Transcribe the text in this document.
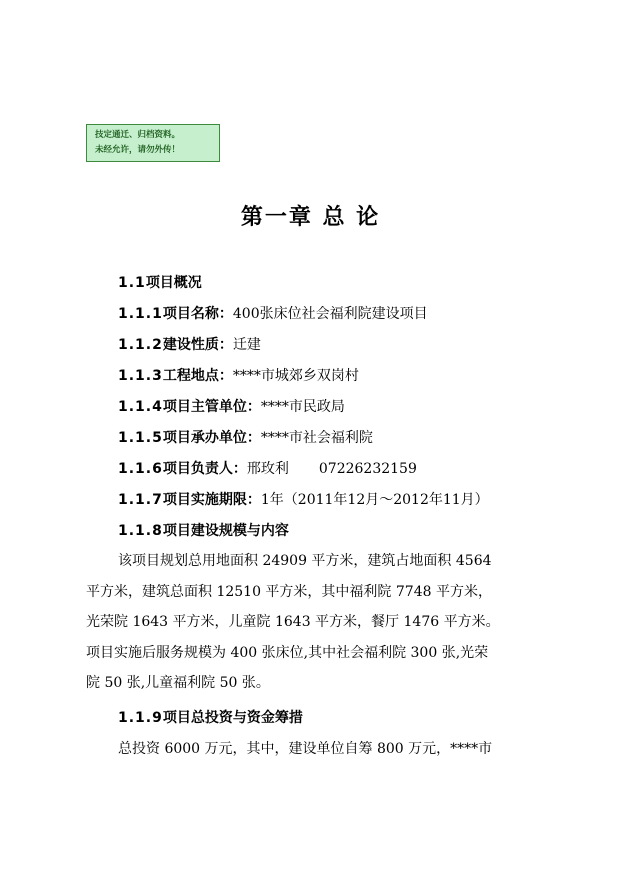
技定通迁、归档资料。
未经允许，请勿外传！
第一章 总 论
1.1项目概况
1.1.1项目名称：400张床位社会福利院建设项目
1.1.2建设性质：迁建
1.1.3工程地点：****市城郊乡双岗村
1.1.4项目主管单位：****市民政局
1.1.5项目承办单位：****市社会福利院
1.1.6项目负责人：邢玫利 07226232159
1.1.7项目实施期限：1年（2011年12月～2012年11月）
1.1.8项目建设规模与内容
该项目规划总用地面积 24909 平方米，建筑占地面积 4564
平方米，建筑总面积 12510 平方米，其中福利院 7748 平方米，
光荣院 1643 平方米，儿童院 1643 平方米，餐厅 1476 平方米。
项目实施后服务规模为 400 张床位,其中社会福利院 300 张,光荣
院 50 张,儿童福利院 50 张。
1.1.9项目总投资与资金筹措
总投资 6000 万元，其中，建设单位自筹 800 万元，****市
